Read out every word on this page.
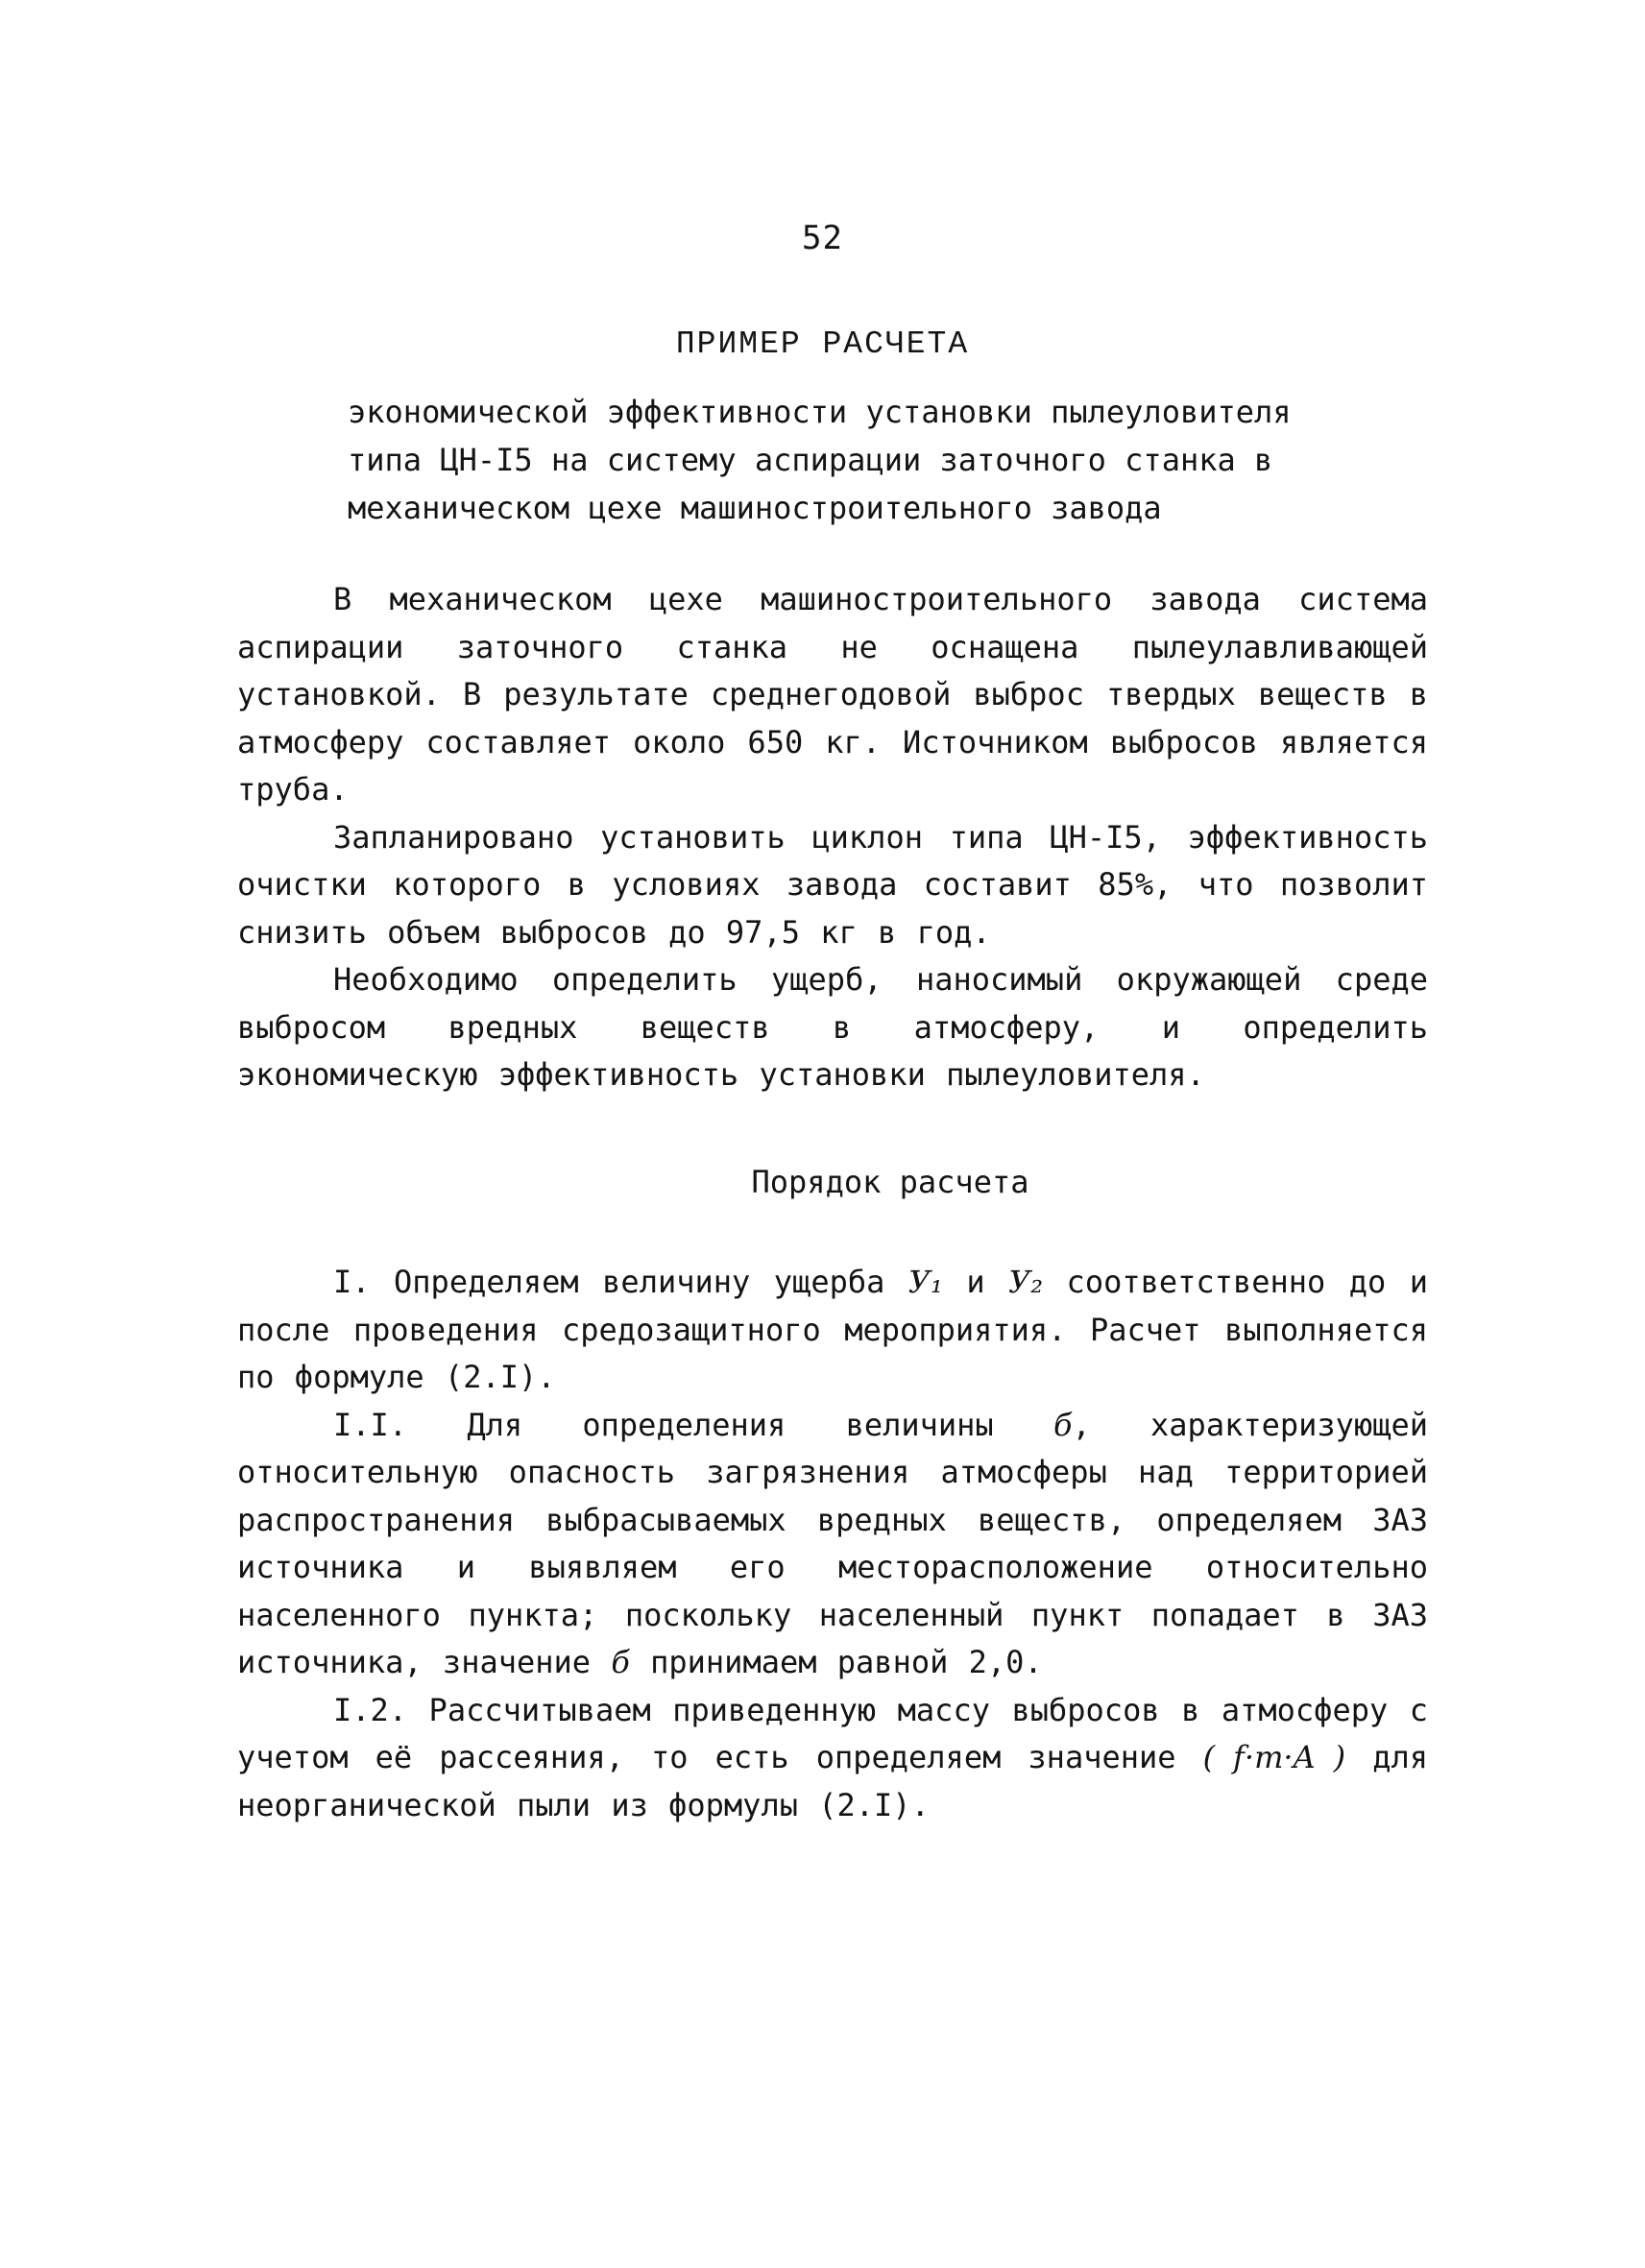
52
ПРИМЕР РАСЧЕТА
экономической эффективности установки пылеуловителя
типа ЦН-I5 на систему аспирации заточного станка в
механическом цехе машиностроительного завода

В механическом цехе машиностроительного завода система аспирации заточного станка не оснащена пылеулавливающей установкой. В результате среднегодовой выброс твердых веществ в атмосферу составляет около 650 кг. Источником выбросов является труба.

Запланировано установить циклон типа ЦН-I5, эффективность очистки которого в условиях завода составит 85%, что позволит снизить объем выбросов до 97,5 кг в год.

Необходимо определить ущерб, наносимый окружающей среде выбросом вредных веществ в атмосферу, и определить экономическую эффективность установки пылеуловителя.

Порядок расчета

I. Определяем величину ущерба У₁ и У₂ соответственно до и после проведения средозащитного мероприятия. Расчет выполняется по формуле (2.I).

I.I. Для определения величины б, характеризующей относительную опасность загрязнения атмосферы над территорией распространения выбрасываемых вредных веществ, определяем ЗАЗ источника и выявляем его месторасположение относительно населенного пункта; поскольку населенный пункт попадает в ЗАЗ источника, значение б принимаем равной 2,0.

I.2. Рассчитываем приведенную массу выбросов в атмосферу с учетом её рассеяния, то есть определяем значение ( f·m·A ) для неорганической пыли из формулы (2.I).
